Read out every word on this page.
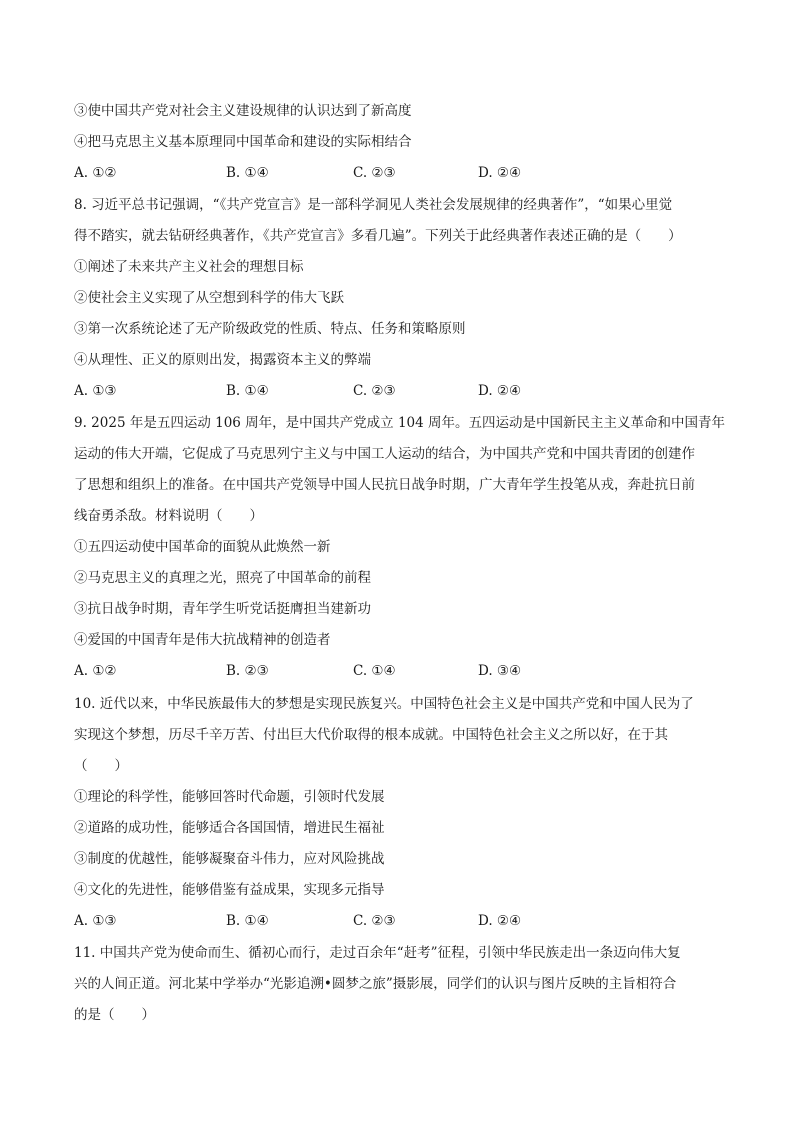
③使中国共产党对社会主义建设规律的认识达到了新高度
④把马克思主义基本原理同中国革命和建设的实际相结合
A. ①②	B. ①④	C. ②③	D. ②④
8. 习近平总书记强调，“《共产党宣言》是一部科学洞见人类社会发展规律的经典著作”，“如果心里觉
得不踏实，就去钻研经典著作，《共产党宣言》多看几遍”。下列关于此经典著作表述正确的是（　　）
①阐述了未来共产主义社会的理想目标
②使社会主义实现了从空想到科学的伟大飞跃
③第一次系统论述了无产阶级政党的性质、特点、任务和策略原则
④从理性、正义的原则出发，揭露资本主义的弊端
A. ①③	B. ①④	C. ②③	D. ②④
9. 2025 年是五四运动 106 周年，是中国共产党成立 104 周年。五四运动是中国新民主主义革命和中国青年
运动的伟大开端，它促成了马克思列宁主义与中国工人运动的结合，为中国共产党和中国共青团的创建作
了思想和组织上的准备。在中国共产党领导中国人民抗日战争时期，广大青年学生投笔从戎，奔赴抗日前
线奋勇杀敌。材料说明（　　）
①五四运动使中国革命的面貌从此焕然一新
②马克思主义的真理之光，照亮了中国革命的前程
③抗日战争时期，青年学生听党话挺膺担当建新功
④爱国的中国青年是伟大抗战精神的创造者
A. ①②	B. ②③	C. ①④	D. ③④
10. 近代以来，中华民族最伟大的梦想是实现民族复兴。中国特色社会主义是中国共产党和中国人民为了
实现这个梦想，历尽千辛万苦、付出巨大代价取得的根本成就。中国特色社会主义之所以好，在于其
（　　）
①理论的科学性，能够回答时代命题，引领时代发展
②道路的成功性，能够适合各国国情，增进民生福祉
③制度的优越性，能够凝聚奋斗伟力，应对风险挑战
④文化的先进性，能够借鉴有益成果，实现多元指导
A. ①③	B. ①④	C. ②③	D. ②④
11. 中国共产党为使命而生、循初心而行，走过百余年“赶考”征程，引领中华民族走出一条迈向伟大复
兴的人间正道。河北某中学举办“光影追溯•圆梦之旅”摄影展，同学们的认识与图片反映的主旨相符合
的是（　　）
